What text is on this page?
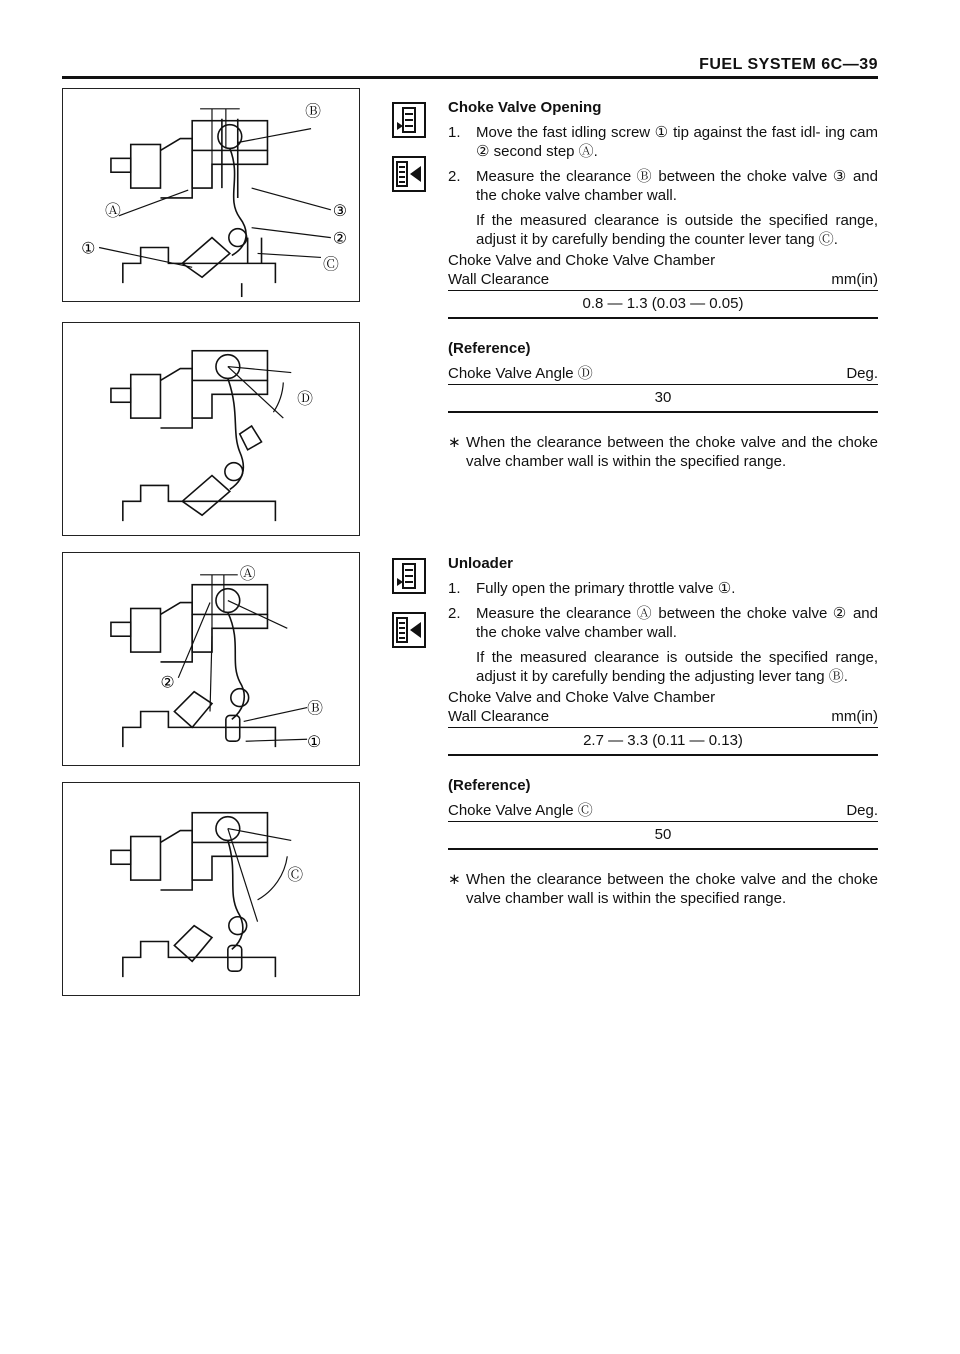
FUEL SYSTEM 6C—39
Ⓑ
③
Ⓐ
②
①
Ⓒ
Ⓓ
Ⓐ
②
Ⓑ
①
Ⓒ
Choke Valve Opening
1.	Move the fast idling screw ① tip against the fast idl- ing cam ② second step Ⓐ.
2.	Measure the clearance Ⓑ between the choke valve ③ and the choke valve chamber wall.
If the measured clearance is outside the specified range, adjust it by carefully bending the counter lever tang Ⓒ.
Choke Valve and Choke Valve Chamber
Wall Clearance	mm(in)
0.8 — 1.3 (0.03 — 0.05)
(Reference)
Choke Valve Angle Ⓓ	Deg.
30
∗ When the clearance between the choke valve and the choke valve chamber wall is within the specified range.
Unloader
1.	Fully open the primary throttle valve ①.
2.	Measure the clearance Ⓐ between the choke valve ② and the choke valve chamber wall.
If the measured clearance is outside the specified range, adjust it by carefully bending the adjusting lever tang Ⓑ.
Choke Valve and Choke Valve Chamber
Wall Clearance	mm(in)
2.7 — 3.3 (0.11 — 0.13)
(Reference)
Choke Valve Angle Ⓒ	Deg.
50
∗ When the clearance between the choke valve and the choke valve chamber wall is within the specified range.
